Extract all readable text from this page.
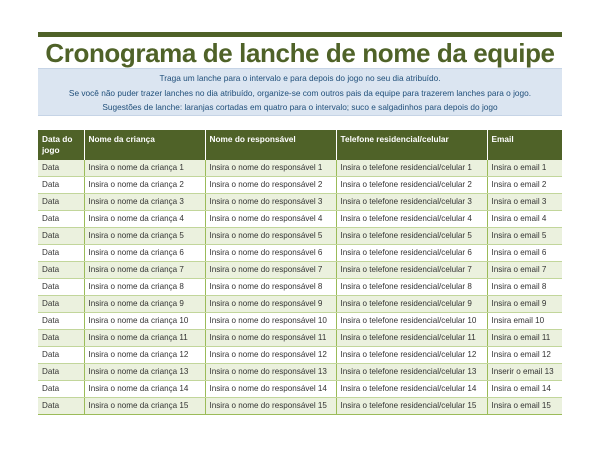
Cronograma de lanche de nome da equipe
Traga um lanche para o intervalo e para depois do jogo no seu dia atribuído.
Se você não puder trazer lanches no dia atribuído, organize-se com outros pais da equipe para trazerem lanches para o jogo.
Sugestões de lanche: laranjas cortadas em quatro para o intervalo; suco e salgadinhos para depois do jogo
Data do jogo	Nome da criança	Nome do responsável	Telefone residencial/celular	Email
Data	Insira o nome da criança 1	Insira o nome do responsável 1	Insira o telefone residencial/celular 1	Insira o email 1
Data	Insira o nome da criança 2	Insira o nome do responsável 2	Insira o telefone residencial/celular 2	Insira o email 2
Data	Insira o nome da criança 3	Insira o nome do responsável 3	Insira o telefone residencial/celular 3	Insira o email 3
Data	Insira o nome da criança 4	Insira o nome do responsável 4	Insira o telefone residencial/celular 4	Insira o email 4
Data	Insira o nome da criança 5	Insira o nome do responsável 5	Insira o telefone residencial/celular 5	Insira o email 5
Data	Insira o nome da criança 6	Insira o nome do responsável 6	Insira o telefone residencial/celular 6	Insira o email 6
Data	Insira o nome da criança 7	Insira o nome do responsável 7	Insira o telefone residencial/celular 7	Insira o email 7
Data	Insira o nome da criança 8	Insira o nome do responsável 8	Insira o telefone residencial/celular 8	Insira o email 8
Data	Insira o nome da criança 9	Insira o nome do responsável 9	Insira o telefone residencial/celular 9	Insira o email 9
Data	Insira o nome da criança 10	Insira o nome do responsável 10	Insira o telefone residencial/celular 10	Insira email 10
Data	Insira o nome da criança 11	Insira o nome do responsável 11	Insira o telefone residencial/celular 11	Insira o email 11
Data	Insira o nome da criança 12	Insira o nome do responsável 12	Insira o telefone residencial/celular 12	Insira o email 12
Data	Insira o nome da criança 13	Insira o nome do responsável 13	Insira o telefone residencial/celular 13	Inserir o email 13
Data	Insira o nome da criança 14	Insira o nome do responsável 14	Insira o telefone residencial/celular 14	Insira o email 14
Data	Insira o nome da criança 15	Insira o nome do responsável 15	Insira o telefone residencial/celular 15	Insira o email 15
